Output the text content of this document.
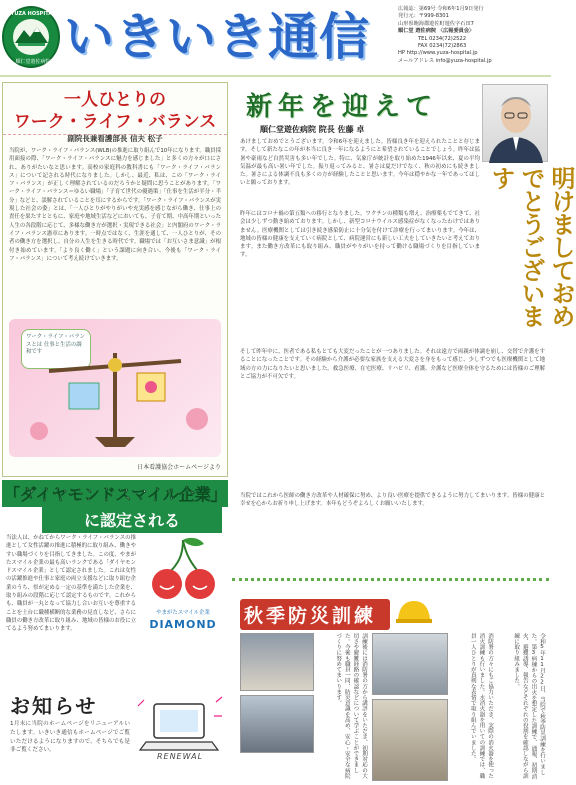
YUZA HOSPITAL
順仁堂遊佐病院 いきいき通信	広報誌：第69号 令和6年1月9日発行
発行元：〒999-8301
山形県飽海郡遊佐町遊佐字石田7
順仁堂 遊佐病院 〈広報委員会〉
TEL 0234(72)2522
FAX 0234(72)2863
HP http://www.yuza-hospital.jp
メールアドレス info@yuza-hospital.jp
一人ひとりの
ワーク・ライフ・バランス
副院長兼看護部長 信夫 松子
当院が、ワーク・ライフ・バランス(WLB)の推進に取り組んで10年になります。職員採用面接の際、「ワーク・ライフ・バランスに魅力を感じました」と多くの方々が口にされ、ありがたいなと思います。高校の家庭科の教科書にも「ワーク・ライフ・バランス」について記される時代になりました。しかし、最近、私は、この「ワーク・ライフ・バランス」が正しく理解されているのだろうかと疑問に思うことがあります。「ワーク・ライフ・バランス＝ゆるい職場」「子育て世代の優遇策」「仕事を生活が半分・半分」などと、誤解されていることを耳にするからです。「ワーク・ライフ・バランスが実現した社会の姿」とは、「一人ひとりがやりがいや充実感を感じながら働き、仕事上の責任を果たすとともに、家庭や地域生活などにおいても、子育て期、中高年期といった人生の各段階に応じて、多様な働き方が選択・実現できる社会」と内閣府のワーク・ライフ・バランス憲章にあります。一時点ではなく、生涯を通して、一人ひとりが、その者の働き方を選択し、自分の人生を生きる時代です。職場では「お互いさま意識」が根付き始めています。「より良く働く」という課題に向き合い、今後も「ワーク・ライフ・バランス」について考え続けていきます。
ワーク・ライフ・バランスとは 仕事と生活の調和です
日本看護協会ホームページより
「ダイヤモンドスマイル企業」
に認定される
当法人は、かねてからワーク・ライフ・バランスの推進として女性活躍の推進に積極的に取り組み、働きやすい職場づくりを目指してきました。この度、やまがたスマイル企業の最も高いランクである「ダイヤモンドスマイル企業」として認定されました。これは女性の活躍推進や仕事と家庭の両立支援などに取り組む企業のうち、県が定める一定の基準を満たした企業を、取り組みの段階に応じて認定するものです。これからも、職員が一丸となって協力し合いお互いを尊重することを土台に職種横断的な業務の見直しなど、さらに職員の働き方改革に取り組み、地域の皆様のお役に立てるよう努めてまいります。
やまがたスマイル企業
DIAMOND
お知らせ
1月末に当院のホームページをリニューアルいたします。いきいき通信もホームページでご覧いただけるようになりますので、そちらでも是非ご覧ください。
RENEWAL
新年を迎えて
順仁堂遊佐病院 院長 佐藤 卓
あけましておめでとうございます。令和6年を迎えました。皆様良き年を迎えられたことと存じます。そして新たなこの年が本当に良き一年になるようにと希望されていることでしょう。昨年は猛暑や豪雨など自然災害も多い年でした。特に、気象庁が統計を取り始めた1946年以来、夏の平均気温が最も高い暑い年でした。振り返ってみると、暑さは夏だけでなく、秋の初めにも続きました。暑さによる体調不良も多くの方が経験したことと思います。今年は穏やかな一年であってほしいと願っております。
昨年にはコロナ禍の第五類への移行となりました。ワクチンの種類も増え、治療薬もでてきて、社会は少しずつ動き始めております。しかし、新型コロナウイルス感染症がなくなったわけではありません。医療機関としては引き続き感染防止に十分気を付けて診療を行ってまいります。今年は、地域の皆様の健康を支えていく病院として、病院運営にも新しい工夫をしていきたいと考えております。また働き方改革にも取り組み、職員がやりがいを持って働ける職場づくりを目指しています。
そして昨年中に、医者である私もとても大変だったことが一つありました。それは遠方で両親が体調を崩し、交替で介護をすることになったことです。その経験から介護が必要な家族を支える大変さを身をもって感じ、少しずつでも医療機関として地域の方の力になりたいと思いました。救急医療、在宅医療、リハビリ、看護、介護など医療全体を守るためには皆様のご理解とご協力が不可欠です。
当院ではこれから医師の働き方改革や人材確保に努め、より良い医療を提供できるように努力してまいります。皆様の健康と幸せを心からお祈り申し上げます。本年もどうぞよろしくお願いいたします。
明けましておめでとうございます
秋季防災訓練
訓練後には消防署の方から講評をいただき、初期対応の大切さや避難経路の確認などについて学ぶことができました。今後も職員一同、防災意識を高め、安心・安全な病院づくりに努めてまいります。	消防署の方々にもご協力いただき、実際の消火器を使った消火訓練も行いました。水消火器を用いての訓練では、職員一人ひとりが真剣な表情で取り組んでいました。	令和5年11月22日、当院で秋季防災訓練を行いました。第3病棟からの出火を想定した訓練で、通報、初期消火、避難誘導、報告などそれぞれの役割を確認しながら訓練に取り組みました。
